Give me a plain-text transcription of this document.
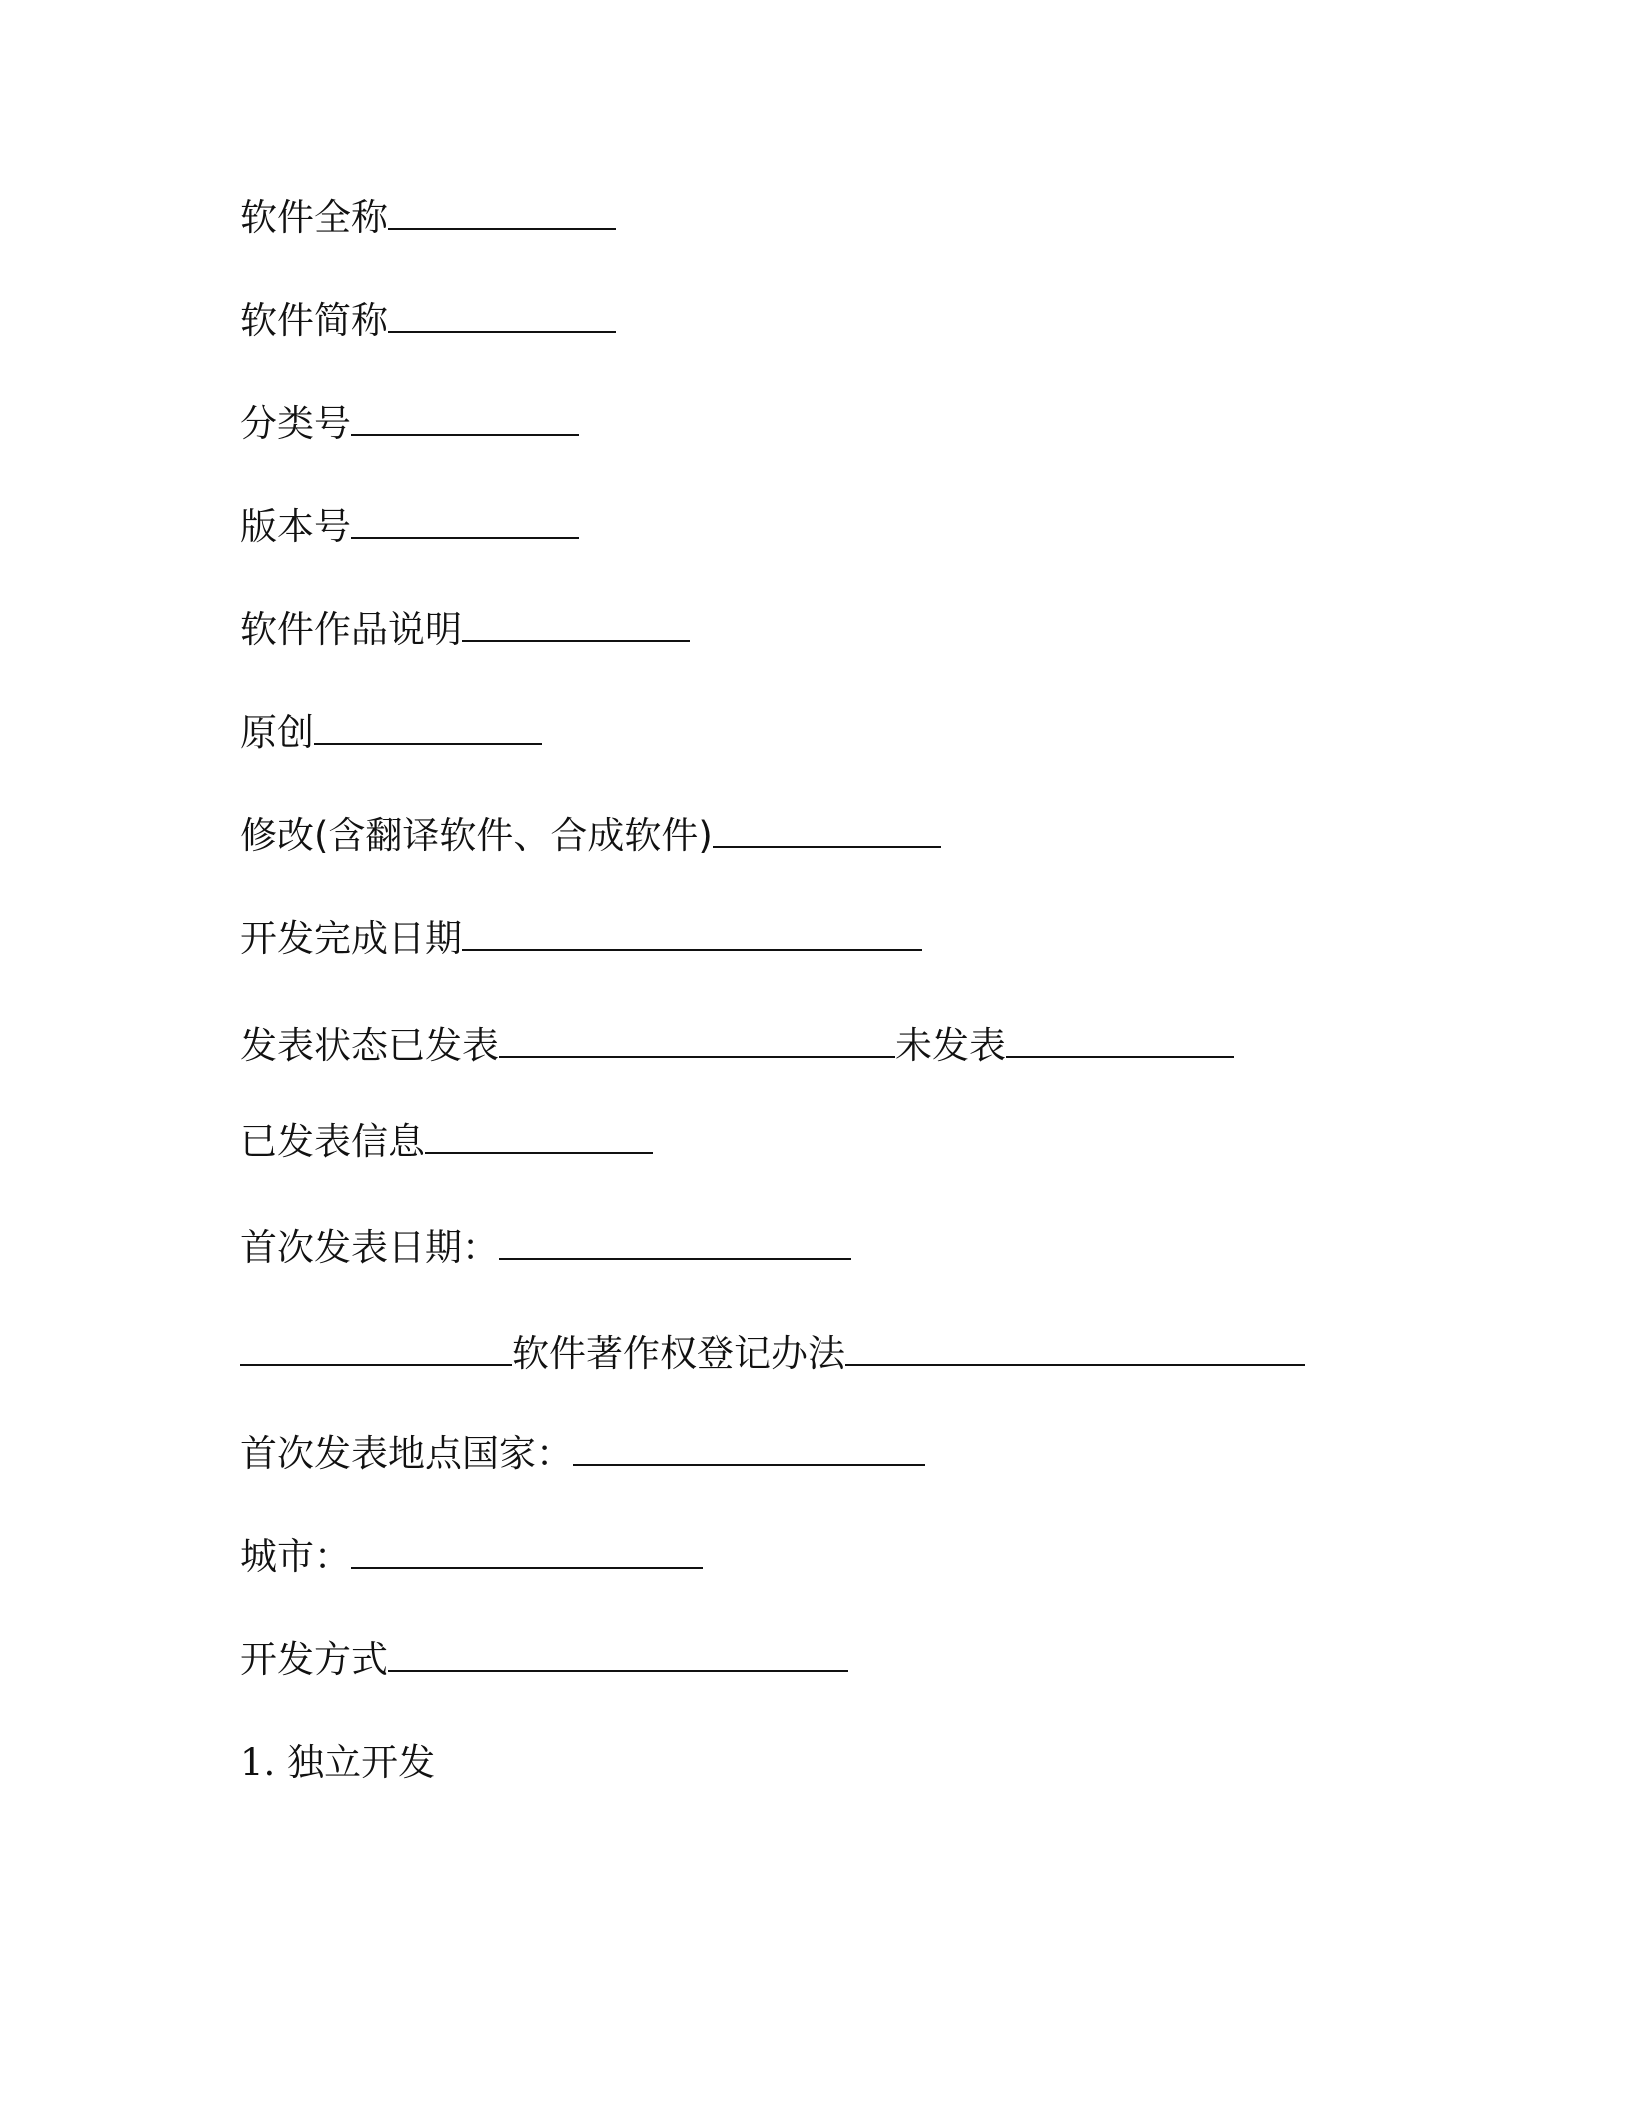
软件全称
软件简称
分类号
版本号
软件作品说明
原创
修改(含翻译软件、合成软件)
开发完成日期
发表状态已发表	未发表
已发表信息
首次发表日期：
软件著作权登记办法
首次发表地点国家：
城市：
开发方式
1. 独立开发
